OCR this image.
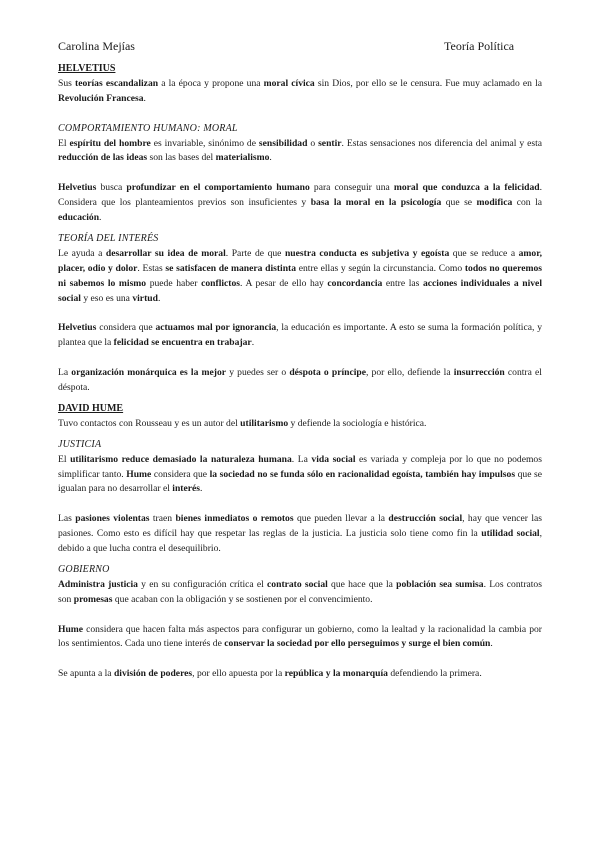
Carolina Mejías	Teoría Política

HELVETIUS

Sus teorías escandalizan a la época y propone una moral cívica sin Dios, por ello se le censura. Fue muy aclamado en la Revolución Francesa.

COMPORTAMIENTO HUMANO: MORAL

El espíritu del hombre es invariable, sinónimo de sensibilidad o sentir. Estas sensaciones nos diferencia del animal y esta reducción de las ideas son las bases del materialismo.

Helvetius busca profundizar en el comportamiento humano para conseguir una moral que conduzca a la felicidad. Considera que los planteamientos previos son insuficientes y basa la moral en la psicología que se modifica con la educación.

TEORÍA DEL INTERÉS

Le ayuda a desarrollar su idea de moral. Parte de que nuestra conducta es subjetiva y egoísta que se reduce a amor, placer, odio y dolor. Estas se satisfacen de manera distinta entre ellas y según la circunstancia. Como todos no queremos ni sabemos lo mismo puede haber conflictos. A pesar de ello hay concordancia entre las acciones individuales a nivel social y eso es una virtud.

Helvetius considera que actuamos mal por ignorancia, la educación es importante. A esto se suma la formación política, y plantea que la felicidad se encuentra en trabajar.

La organización monárquica es la mejor y puedes ser o déspota o príncipe, por ello, defiende la insurrección contra el déspota.

DAVID HUME

Tuvo contactos con Rousseau y es un autor del utilitarismo y defiende la sociología e histórica.

JUSTICIA

El utilitarismo reduce demasiado la naturaleza humana. La vida social es variada y compleja por lo que no podemos simplificar tanto. Hume considera que la sociedad no se funda sólo en racionalidad egoísta, también hay impulsos que se igualan para no desarrollar el interés.

Las pasiones violentas traen bienes inmediatos o remotos que pueden llevar a la destrucción social, hay que vencer las pasiones. Como esto es difícil hay que respetar las reglas de la justicia. La justicia solo tiene como fin la utilidad social, debido a que lucha contra el desequilibrio.

GOBIERNO

Administra justicia y en su configuración crítica el contrato social que hace que la población sea sumisa. Los contratos son promesas que acaban con la obligación y se sostienen por el convencimiento.

Hume considera que hacen falta más aspectos para configurar un gobierno, como la lealtad y la racionalidad la cambia por los sentimientos. Cada uno tiene interés de conservar la sociedad por ello perseguimos y surge el bien común.

Se apunta a la división de poderes, por ello apuesta por la república y la monarquía defendiendo la primera.
